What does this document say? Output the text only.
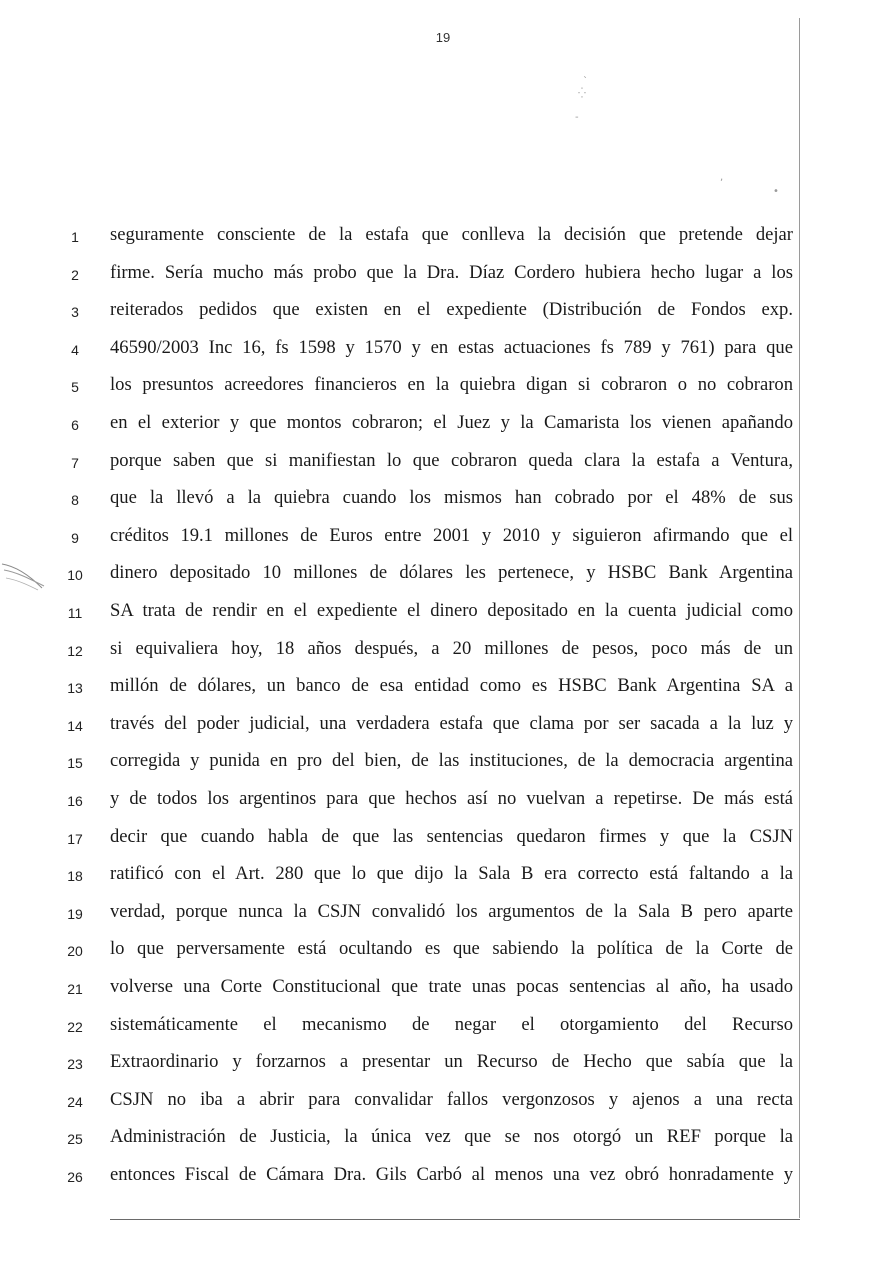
19
`
⁛
-
,
•
1	seguramente consciente de la estafa que conlleva la decisión que pretende dejar
2	firme. Sería mucho más probo que la Dra. Díaz Cordero hubiera hecho lugar a los
3	reiterados pedidos que existen en el expediente (Distribución de Fondos exp.
4	46590/2003 Inc 16, fs 1598 y 1570 y en estas actuaciones fs 789 y 761) para que
5	los presuntos acreedores financieros en la quiebra digan si cobraron o no cobraron
6	en el exterior y que montos cobraron; el Juez y la Camarista los vienen apañando
7	porque saben que si manifiestan lo que cobraron queda clara la estafa a Ventura,
8	que la llevó a la quiebra cuando los mismos han cobrado por el 48% de sus
9	créditos 19.1 millones de Euros entre 2001 y 2010 y siguieron afirmando que el
10	dinero depositado 10 millones de dólares les pertenece, y HSBC Bank Argentina
11	SA trata de rendir en el expediente el dinero depositado en la cuenta judicial como
12	si equivaliera hoy, 18 años después, a 20 millones de pesos, poco más de un
13	millón de dólares, un banco de esa entidad como es HSBC Bank Argentina SA a
14	través del poder judicial, una verdadera estafa que clama por ser sacada a la luz y
15	corregida y punida en pro del bien, de las instituciones, de la democracia argentina
16	y de todos los argentinos para que hechos así no vuelvan a repetirse. De más está
17	decir que cuando habla de que las sentencias quedaron firmes y que la CSJN
18	ratificó con el Art. 280 que lo que dijo la Sala B era correcto está faltando a la
19	verdad, porque nunca la CSJN convalidó los argumentos de la Sala B pero aparte
20	lo que perversamente está ocultando es que sabiendo la política de la Corte de
21	volverse una Corte Constitucional que trate unas pocas sentencias al año, ha usado
22	sistemáticamente el mecanismo de negar el otorgamiento del Recurso
23	Extraordinario y forzarnos a presentar un Recurso de Hecho que sabía que la
24	CSJN no iba a abrir para convalidar fallos vergonzosos y ajenos a una recta
25	Administración de Justicia, la única vez que se nos otorgó un REF porque la
26	entonces Fiscal de Cámara Dra. Gils Carbó al menos una vez obró honradamente y
